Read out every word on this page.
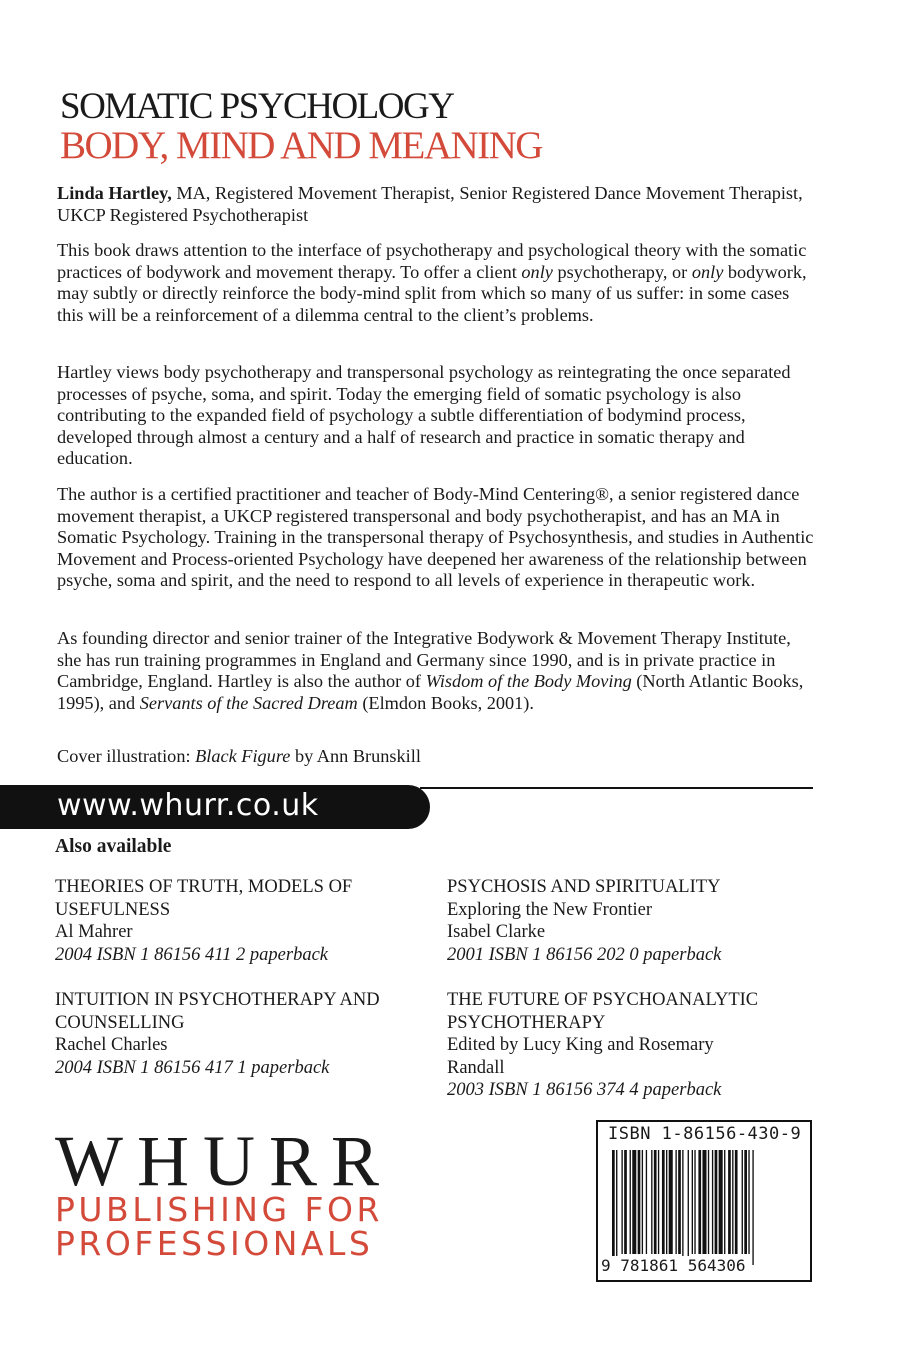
SOMATIC PSYCHOLOGY
BODY, MIND AND MEANING

Linda Hartley, MA, Registered Movement Therapist, Senior Registered Dance Movement Therapist, UKCP Registered Psychotherapist

This book draws attention to the interface of psychotherapy and psychological theory with the somatic practices of bodywork and movement therapy. To offer a client only psychotherapy, or only bodywork, may subtly or directly reinforce the body-mind split from which so many of us suffer: in some cases this will be a reinforcement of a dilemma central to the client’s problems.

Hartley views body psychotherapy and transpersonal psychology as reintegrating the once separated processes of psyche, soma, and spirit. Today the emerging field of somatic psychology is also contributing to the expanded field of psychology a subtle differentiation of bodymind process, developed through almost a century and a half of research and practice in somatic therapy and education.

The author is a certified practitioner and teacher of Body-Mind Centering®, a senior registered dance movement therapist, a UKCP registered transpersonal and body psychotherapist, and has an MA in Somatic Psychology. Training in the transpersonal therapy of Psychosynthesis, and studies in Authentic Movement and Process-oriented Psychology have deepened her awareness of the relationship between psyche, soma and spirit, and the need to respond to all levels of experience in therapeutic work.

As founding director and senior trainer of the Integrative Bodywork & Movement Therapy Institute, she has run training programmes in England and Germany since 1990, and is in private practice in Cambridge, England. Hartley is also the author of Wisdom of the Body Moving (North Atlantic Books, 1995), and Servants of the Sacred Dream (Elmdon Books, 2001).

Cover illustration: Black Figure by Ann Brunskill

www.whurr.co.uk
Also available
THEORIES OF TRUTH, MODELS OF
USEFULNESS
Al Mahrer
2004 ISBN 1 86156 411 2 paperback
PSYCHOSIS AND SPIRITUALITY
Exploring the New Frontier
Isabel Clarke
2001 ISBN 1 86156 202 0 paperback
INTUITION IN PSYCHOTHERAPY AND
COUNSELLING
Rachel Charles
2004 ISBN 1 86156 417 1 paperback
THE FUTURE OF PSYCHOANALYTIC
PSYCHOTHERAPY
Edited by Lucy King and Rosemary
Randall
2003 ISBN 1 86156 374 4 paperback
WHURR
PUBLISHING FOR
PROFESSIONALS
ISBN 1-86156-430-9
9 781861 564306
